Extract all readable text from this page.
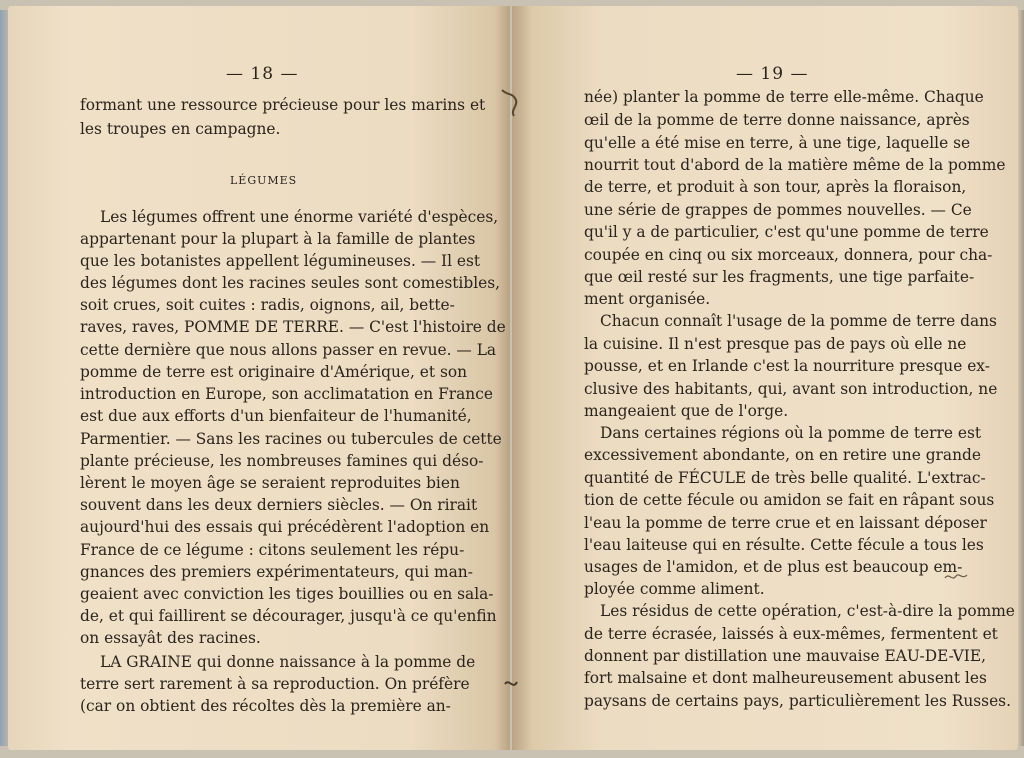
— 18 —
LÉGUMES
formant une ressource précieuse pour les marins et
les troupes en campagne.
Les légumes offrent une énorme variété d'espèces,
appartenant pour la plupart à la famille de plantes
que les botanistes appellent légumineuses. — Il est
des légumes dont les racines seules sont comestibles,
soit crues, soit cuites : radis, oignons, ail, bette-
raves, raves, POMME DE TERRE. — C'est l'histoire de
cette dernière que nous allons passer en revue. — La
pomme de terre est originaire d'Amérique, et son
introduction en Europe, son acclimatation en France
est due aux efforts d'un bienfaiteur de l'humanité,
Parmentier. — Sans les racines ou tubercules de cette
plante précieuse, les nombreuses famines qui déso-
lèrent le moyen âge se seraient reproduites bien
souvent dans les deux derniers siècles. — On rirait
aujourd'hui des essais qui précédèrent l'adoption en
France de ce légume : citons seulement les répu-
gnances des premiers expérimentateurs, qui man-
geaient avec conviction les tiges bouillies ou en sala-
de, et qui faillirent se décourager, jusqu'à ce qu'enfin
on essayât des racines.
LA GRAINE qui donne naissance à la pomme de
terre sert rarement à sa reproduction. On préfère
(car on obtient des récoltes dès la première an-
— 19 —
née) planter la pomme de terre elle-même. Chaque
œil de la pomme de terre donne naissance, après
qu'elle a été mise en terre, à une tige, laquelle se
nourrit tout d'abord de la matière même de la pomme
de terre, et produit à son tour, après la floraison,
une série de grappes de pommes nouvelles. — Ce
qu'il y a de particulier, c'est qu'une pomme de terre
coupée en cinq ou six morceaux, donnera, pour cha-
que œil resté sur les fragments, une tige parfaite-
ment organisée.
Chacun connaît l'usage de la pomme de terre dans
la cuisine. Il n'est presque pas de pays où elle ne
pousse, et en Irlande c'est la nourriture presque ex-
clusive des habitants, qui, avant son introduction, ne
mangeaient que de l'orge.
Dans certaines régions où la pomme de terre est
excessivement abondante, on en retire une grande
quantité de FÉCULE de très belle qualité. L'extrac-
tion de cette fécule ou amidon se fait en râpant sous
l'eau la pomme de terre crue et en laissant déposer
l'eau laiteuse qui en résulte. Cette fécule a tous les
usages de l'amidon, et de plus est beaucoup em-
ployée comme aliment.
Les résidus de cette opération, c'est-à-dire la pomme
de terre écrasée, laissés à eux-mêmes, fermentent et
donnent par distillation une mauvaise EAU-DE-VIE,
fort malsaine et dont malheureusement abusent les
paysans de certains pays, particulièrement les Russes.
